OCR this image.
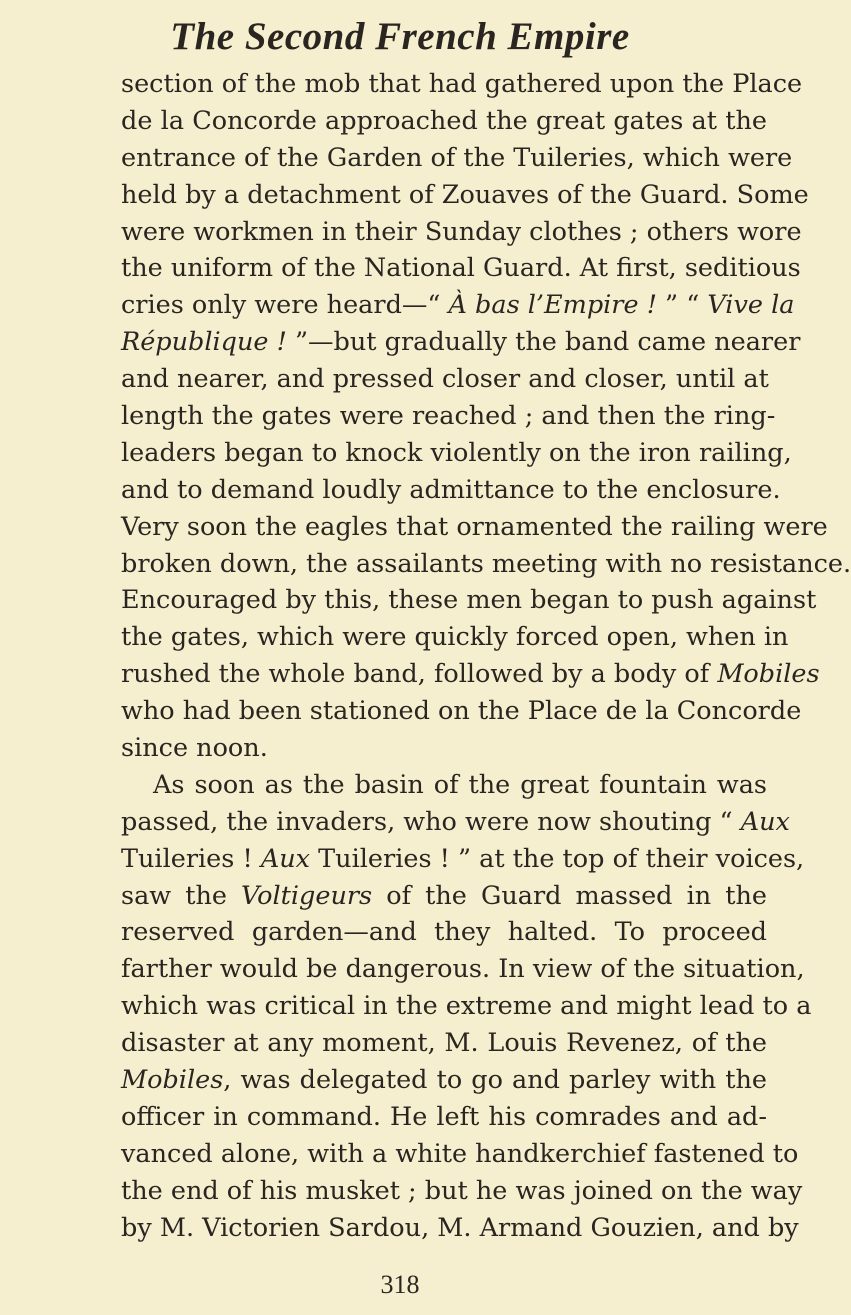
The Second French Empire
section of the mob that had gathered upon the Place
de la Concorde approached the great gates at the
entrance of the Garden of the Tuileries, which were
held by a detachment of Zouaves of the Guard. Some
were workmen in their Sunday clothes ; others wore
the uniform of the National Guard. At first, seditious
cries only were heard—“ À bas l’Empire ! ” “ Vive la
République ! ”—but gradually the band came nearer
and nearer, and pressed closer and closer, until at
length the gates were reached ; and then the ring-
leaders began to knock violently on the iron railing,
and to demand loudly admittance to the enclosure.
Very soon the eagles that ornamented the railing were
broken down, the assailants meeting with no resistance.
Encouraged by this, these men began to push against
the gates, which were quickly forced open, when in
rushed the whole band, followed by a body of Mobiles
who had been stationed on the Place de la Concorde
since noon.
As soon as the basin of the great fountain was
passed, the invaders, who were now shouting “ Aux
Tuileries ! Aux Tuileries ! ” at the top of their voices,
saw the Voltigeurs of the Guard massed in the
reserved garden—and they halted. To proceed
farther would be dangerous. In view of the situation,
which was critical in the extreme and might lead to a
disaster at any moment, M. Louis Revenez, of the
Mobiles, was delegated to go and parley with the
officer in command. He left his comrades and ad-
vanced alone, with a white handkerchief fastened to
the end of his musket ; but he was joined on the way
by M. Victorien Sardou, M. Armand Gouzien, and by
318
